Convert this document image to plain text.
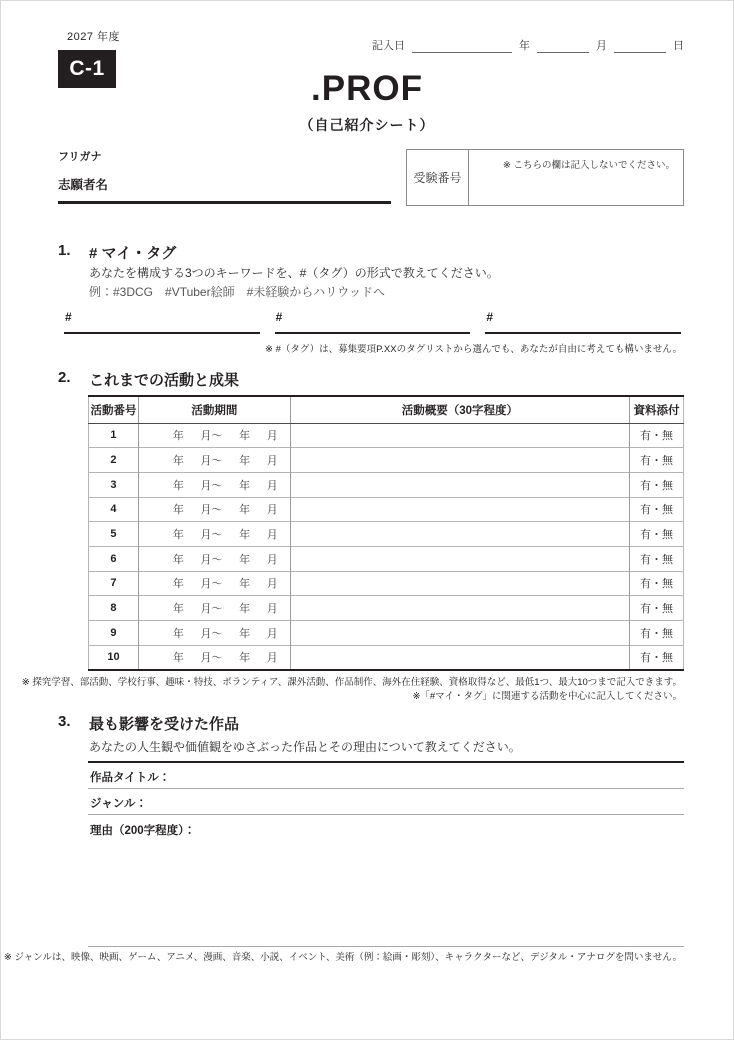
2027 年度
C-1
記入日	年	月	日
.PROF
（自己紹介シート）
フリガナ
志願者名	受験番号
※ こちらの欄は記入しないでください。
1.	# マイ・タグ
あなたを構成する3つのキーワードを、#（タグ）の形式で教えてください。
例：#3DCG　#VTuber絵師　#未経験からハリウッドへ
#	#	#
※ #（タグ）は、募集要項P.XXのタグリストから選んでも、あなたが自由に考えても構いません。
2.	これまでの活動と成果
活動番号	活動期間	活動概要（30字程度）	資料添付
1	年 月～ 年 月		有・無
2	年 月～ 年 月		有・無
3	年 月～ 年 月		有・無
4	年 月～ 年 月		有・無
5	年 月～ 年 月		有・無
6	年 月～ 年 月		有・無
7	年 月～ 年 月		有・無
8	年 月～ 年 月		有・無
9	年 月～ 年 月		有・無
10	年 月～ 年 月		有・無
※ 探究学習、部活動、学校行事、趣味・特技、ボランティア、課外活動、作品制作、海外在住経験、資格取得など、最低1つ、最大10つまで記入できます。
※「#マイ・タグ」に関連する活動を中心に記入してください。
3.	最も影響を受けた作品
あなたの人生観や価値観をゆさぶった作品とその理由について教えてください。
作品タイトル：
ジャンル：
理由（200字程度）：
※ ジャンルは、映像、映画、ゲーム、アニメ、漫画、音楽、小説、イベント、美術（例：絵画・彫刻）、キャラクターなど、デジタル・アナログを問いません。
